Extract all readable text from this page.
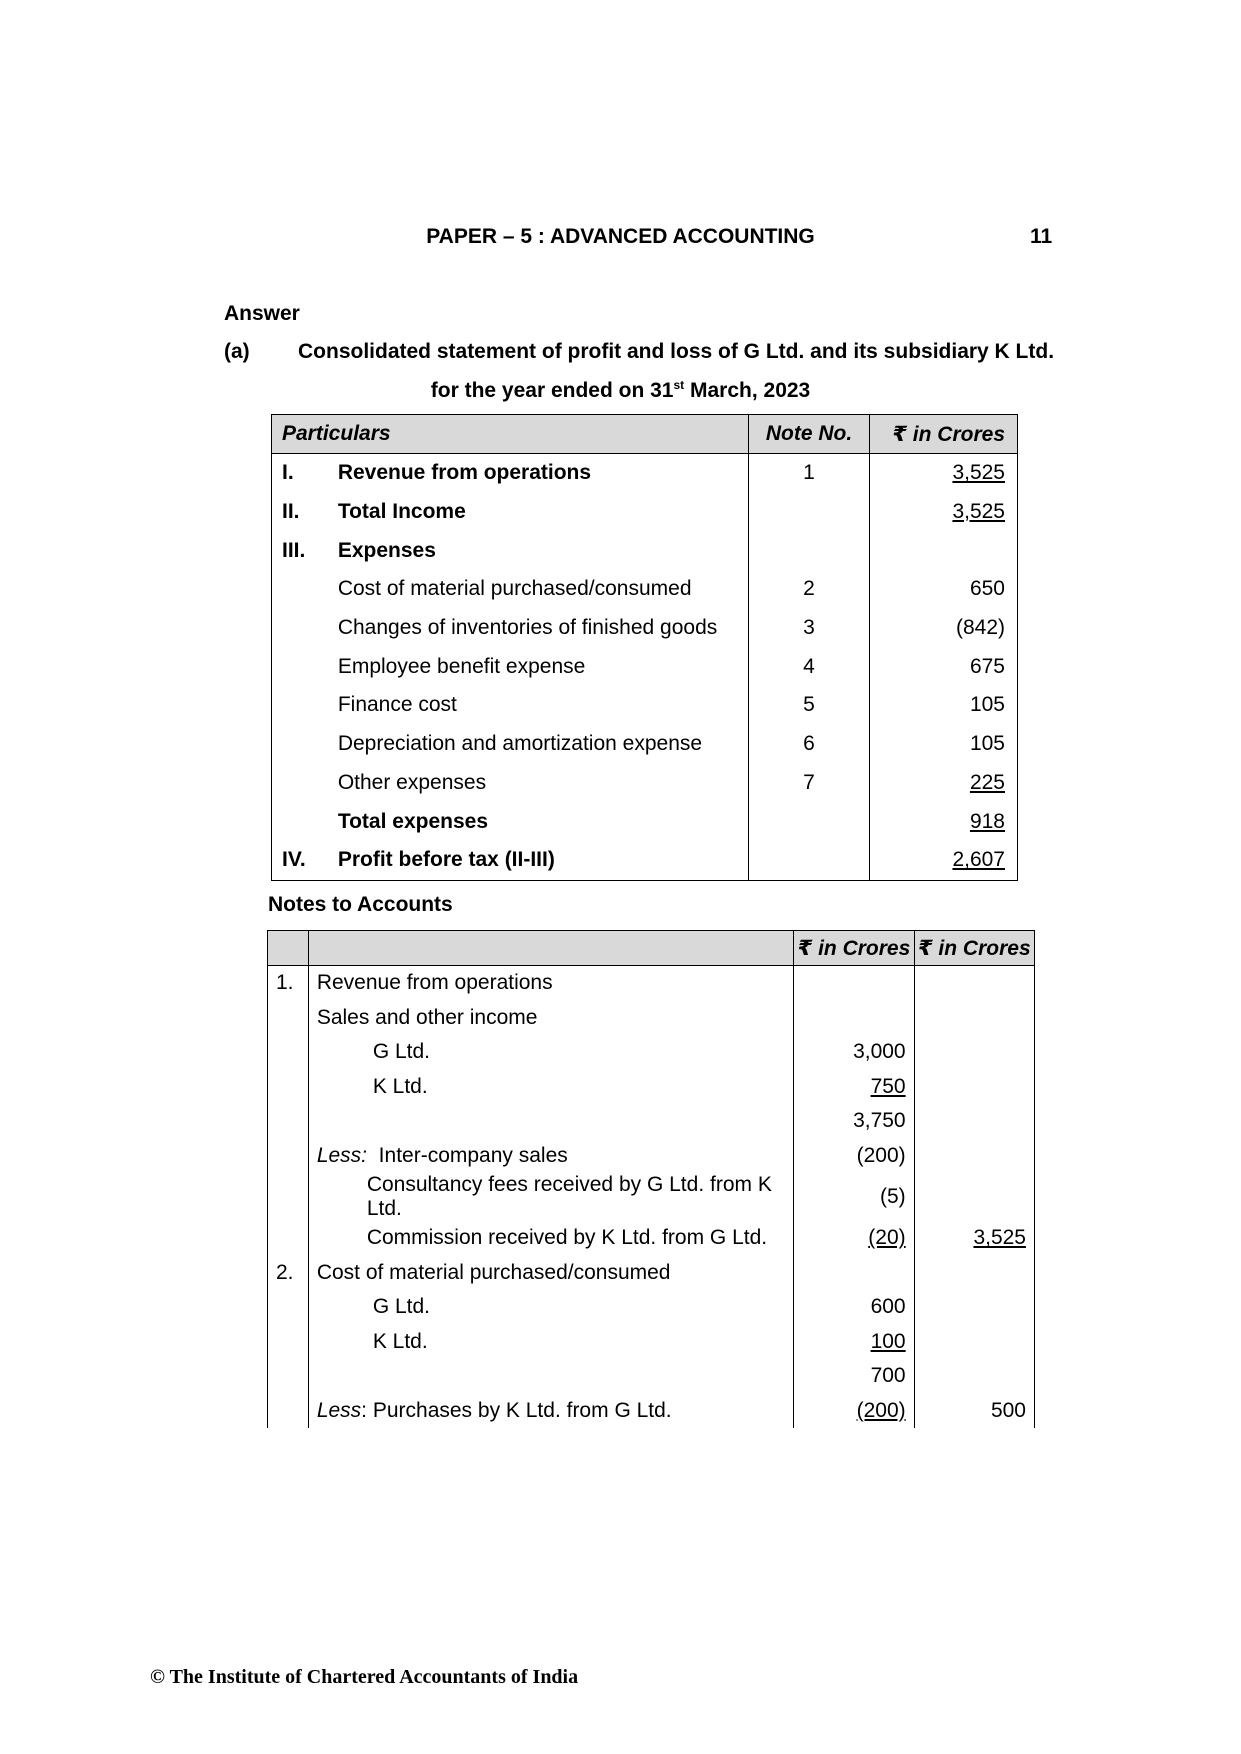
PAPER – 5 : ADVANCED ACCOUNTING	11
Answer
(a) Consolidated statement of profit and loss of G Ltd. and its subsidiary K Ltd.
for the year ended on 31st March, 2023
Particulars		Note No.	₹ in Crores
I.	Revenue from operations	1	3,525
II.	Total Income		3,525
III.	Expenses		
	Cost of material purchased/consumed	2	650
	Changes of inventories of finished goods	3	(842)
	Employee benefit expense	4	675
	Finance cost	5	105
	Depreciation and amortization expense	6	105
	Other expenses	7	225
	Total expenses		918
IV.	Profit before tax (II-III)		2,607
Notes to Accounts
		₹ in Crores	₹ in Crores
1.	Revenue from operations		
	Sales and other income		
	G Ltd.	3,000	
	K Ltd.	750	
		3,750	
	Less:  Inter-company sales	(200)	
	Consultancy fees received by G Ltd. from K Ltd.	(5)	
	Commission received by K Ltd. from G Ltd.	(20)	3,525
2.	Cost of material purchased/consumed		
	G Ltd.	600	
	K Ltd.	100	
		700	
	Less: Purchases by K Ltd. from G Ltd.	(200)	500
© The Institute of Chartered Accountants of India
